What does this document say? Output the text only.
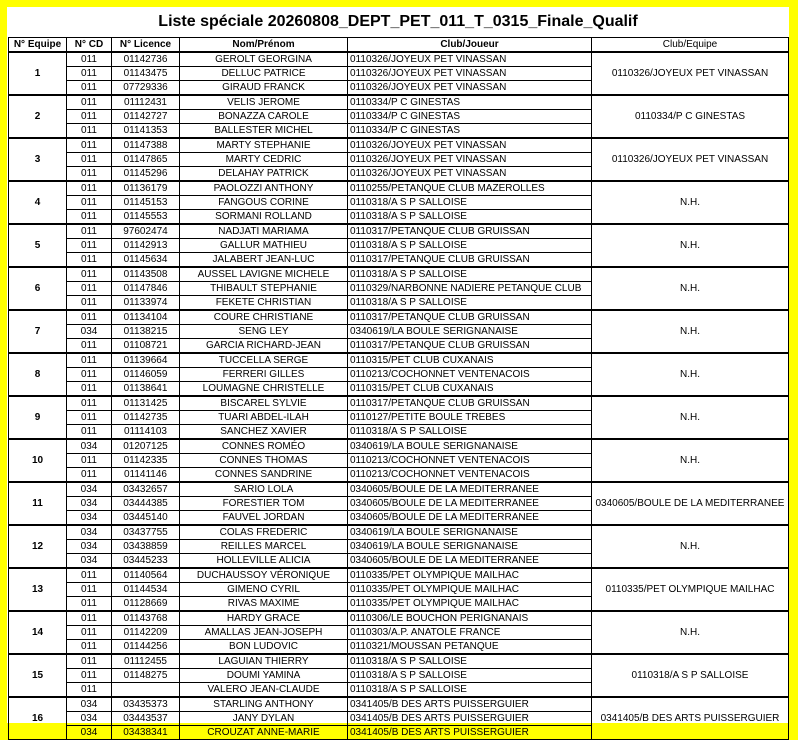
Liste spéciale 20260808_DEPT_PET_011_T_0315_Finale_Qualif
N° Equipe	N° CD	N° Licence	Nom/Prénom	Club/Joueur	Club/Equipe
1	011	01142736	GEROLT GEORGINA	0110326/JOYEUX PET VINASSAN	0110326/JOYEUX PET VINASSAN
	011	01143475	DELLUC PATRICE	0110326/JOYEUX PET VINASSAN	
	011	07729336	GIRAUD FRANCK	0110326/JOYEUX PET VINASSAN	
2	011	01112431	VELIS JEROME	0110334/P C GINESTAS	0110334/P C GINESTAS
	011	01142727	BONAZZA CAROLE	0110334/P C GINESTAS	
	011	01141353	BALLESTER MICHEL	0110334/P C GINESTAS	
3	011	01147388	MARTY STEPHANIE	0110326/JOYEUX PET VINASSAN	0110326/JOYEUX PET VINASSAN
	011	01147865	MARTY CEDRIC	0110326/JOYEUX PET VINASSAN	
	011	01145296	DELAHAY PATRICK	0110326/JOYEUX PET VINASSAN	
4	011	01136179	PAOLOZZI ANTHONY	0110255/PETANQUE CLUB MAZEROLLES	N.H.
	011	01145153	FANGOUS CORINE	0110318/A S P SALLOISE	
	011	01145553	SORMANI ROLLAND	0110318/A S P SALLOISE	
5	011	97602474	NADJATI MARIAMA	0110317/PETANQUE CLUB GRUISSAN	N.H.
	011	01142913	GALLUR MATHIEU	0110318/A S P SALLOISE	
	011	01145634	JALABERT JEAN-LUC	0110317/PETANQUE CLUB GRUISSAN	
6	011	01143508	AUSSEL LAVIGNE MICHELE	0110318/A S P SALLOISE	N.H.
	011	01147846	THIBAULT STEPHANIE	0110329/NARBONNE NADIERE PETANQUE CLUB	
	011	01133974	FEKETE CHRISTIAN	0110318/A S P SALLOISE	
7	011	01134104	COURE CHRISTIANE	0110317/PETANQUE CLUB GRUISSAN	N.H.
	034	01138215	SENG LEY	0340619/LA BOULE SERIGNANAISE	
	011	01108721	GARCIA RICHARD-JEAN	0110317/PETANQUE CLUB GRUISSAN	
8	011	01139664	TUCCELLA SERGE	0110315/PET CLUB CUXANAIS	N.H.
	011	01146059	FERRERI GILLES	0110213/COCHONNET VENTENACOIS	
	011	01138641	LOUMAGNE CHRISTELLE	0110315/PET CLUB CUXANAIS	
9	011	01131425	BISCAREL SYLVIE	0110317/PETANQUE CLUB GRUISSAN	N.H.
	011	01142735	TUARI ABDEL-ILAH	0110127/PETITE BOULE TREBES	
	011	01114103	SANCHEZ XAVIER	0110318/A S P SALLOISE	
10	034	01207125	CONNES ROMÉO	0340619/LA BOULE SERIGNANAISE	N.H.
	011	01142335	CONNES THOMAS	0110213/COCHONNET VENTENACOIS	
	011	01141146	CONNES SANDRINE	0110213/COCHONNET VENTENACOIS	
11	034	03432657	SARIO LOLA	0340605/BOULE DE LA MEDITERRANEE	0340605/BOULE DE LA MEDITERRANEE
	034	03444385	FORESTIER TOM	0340605/BOULE DE LA MEDITERRANEE	
	034	03445140	FAUVEL JORDAN	0340605/BOULE DE LA MEDITERRANEE	
12	034	03437755	COLAS FREDERIC	0340619/LA BOULE SERIGNANAISE	N.H.
	034	03438859	REILLES MARCEL	0340619/LA BOULE SERIGNANAISE	
	034	03445233	HOLLEVILLE ALICIA	0340605/BOULE DE LA MEDITERRANEE	
13	011	01140564	DUCHAUSSOY VÉRONIQUE	0110335/PET OLYMPIQUE MAILHAC	0110335/PET OLYMPIQUE MAILHAC
	011	01144534	GIMENO CYRIL	0110335/PET OLYMPIQUE MAILHAC	
	011	01128669	RIVAS MAXIME	0110335/PET OLYMPIQUE MAILHAC	
14	011	01143768	HARDY GRACE	0110306/LE BOUCHON PERIGNANAIS	N.H.
	011	01142209	AMALLAS JEAN-JOSEPH	0110303/A.P. ANATOLE FRANCE	
	011	01144256	BON LUDOVIC	0110321/MOUSSAN PETANQUE	
15	011	01112455	LAGUIAN THIERRY	0110318/A S P SALLOISE	0110318/A S P SALLOISE
	011	01148275	DOUMI YAMINA	0110318/A S P SALLOISE	
	011		VALERO JEAN-CLAUDE	0110318/A S P SALLOISE	
16	034	03435373	STARLING ANTHONY	0341405/B DES ARTS PUISSERGUIER	0341405/B DES ARTS PUISSERGUIER
	034	03443537	JANY DYLAN	0341405/B DES ARTS PUISSERGUIER	
	034	03438341	CROUZAT ANNE-MARIE	0341405/B DES ARTS PUISSERGUIER	
